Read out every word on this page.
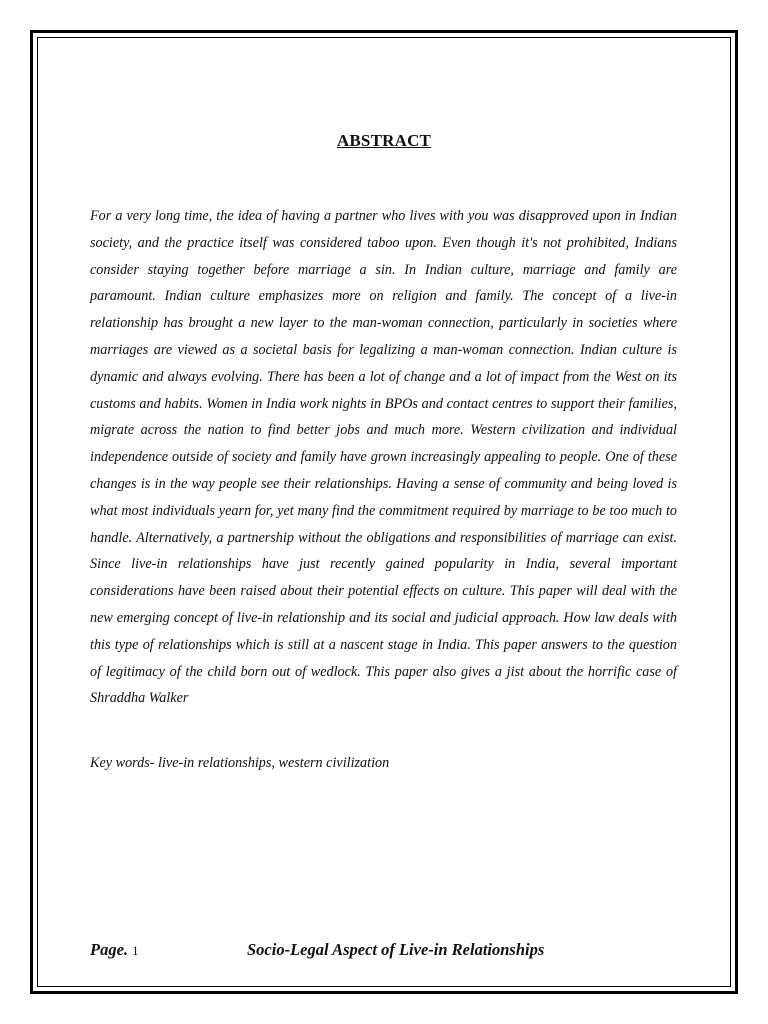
ABSTRACT

For a very long time, the idea of having a partner who lives with you was disapproved upon in Indian society, and the practice itself was considered taboo upon. Even though it's not prohibited, Indians consider staying together before marriage a sin. In Indian culture, marriage and family are paramount. Indian culture emphasizes more on religion and family. The concept of a live-in relationship has brought a new layer to the man-woman connection, particularly in societies where marriages are viewed as a societal basis for legalizing a man-woman connection. Indian culture is dynamic and always evolving. There has been a lot of change and a lot of impact from the West on its customs and habits. Women in India work nights in BPOs and contact centres to support their families, migrate across the nation to find better jobs and much more. Western civilization and individual independence outside of society and family have grown increasingly appealing to people. One of these changes is in the way people see their relationships. Having a sense of community and being loved is what most individuals yearn for, yet many find the commitment required by marriage to be too much to handle. Alternatively, a partnership without the obligations and responsibilities of marriage can exist. Since live-in relationships have just recently gained popularity in India, several important considerations have been raised about their potential effects on culture. This paper will deal with the new emerging concept of live-in relationship and its social and judicial approach. How law deals with this type of relationships which is still at a nascent stage in India. This paper answers to the question of legitimacy of the child born out of wedlock. This paper also gives a jist about the horrific case of Shraddha Walker

Key words- live-in relationships, western civilization

Page. 1	Socio-Legal Aspect of Live-in Relationships
